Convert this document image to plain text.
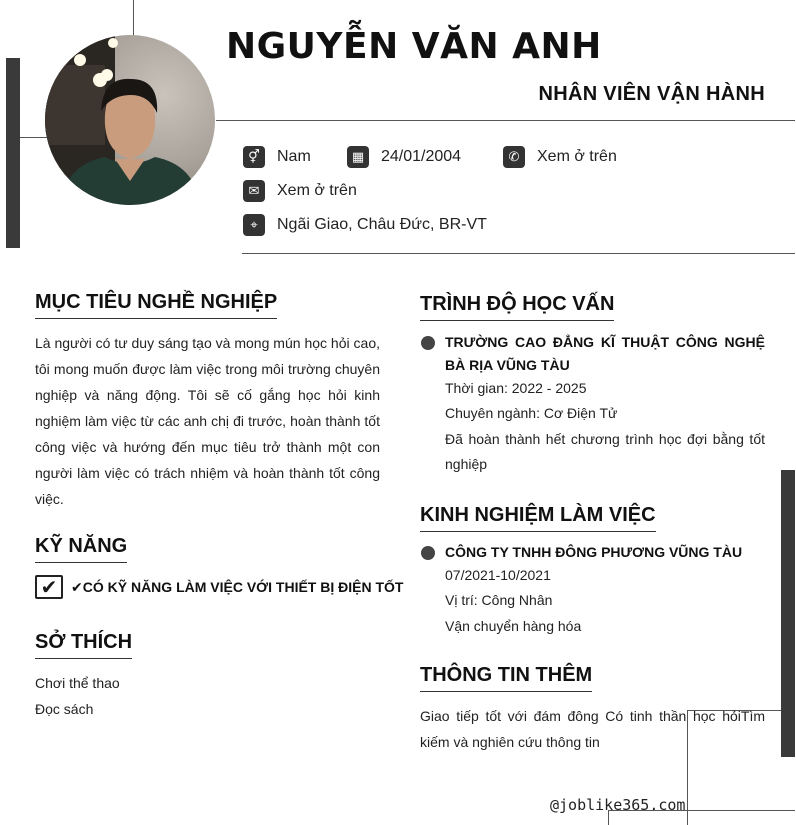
NGUYỄN VĂN ANH
NHÂN VIÊN VẬN HÀNH
⚥	Nam	▦	24/01/2004	✆	Xem ở trên
✉	Xem ở trên
⌖	Ngãi Giao, Châu Đức, BR-VT
MỤC TIÊU NGHỀ NGHIỆP
Là người có tư duy sáng tạo và mong mún học hỏi cao, tôi mong muốn được làm việc trong môi trường chuyên nghiệp và năng động. Tôi sẽ cố gắng học hỏi kinh nghiệm làm việc từ các anh chị đi trước, hoàn thành tốt công việc và hướng đến mục tiêu trở thành một con người làm việc có trách nhiệm và hoàn thành tốt công việc.
KỸ NĂNG
✔ ✔CÓ KỸ NĂNG LÀM VIỆC VỚI THIẾT BỊ ĐIỆN TỐT
SỞ THÍCH
Chơi thể thao
Đọc sách
TRÌNH ĐỘ HỌC VẤN
TRƯỜNG CAO ĐẲNG KĨ THUẬT CÔNG NGHỆ BÀ RỊA VŨNG TÀU
Thời gian: 2022 - 2025
Chuyên ngành: Cơ Điện Tử
Đã hoàn thành hết chương trình học đợi bằng tốt nghiệp
KINH NGHIỆM LÀM VIỆC
CÔNG TY TNHH ĐÔNG PHƯƠNG VŨNG TÀU
07/2021-10/2021
Vị trí: Công Nhân
Vận chuyển hàng hóa
THÔNG TIN THÊM
Giao tiếp tốt với đám đông Có tinh thần học hỏiTìm kiếm và nghiên cứu thông tin
@joblike365.com
